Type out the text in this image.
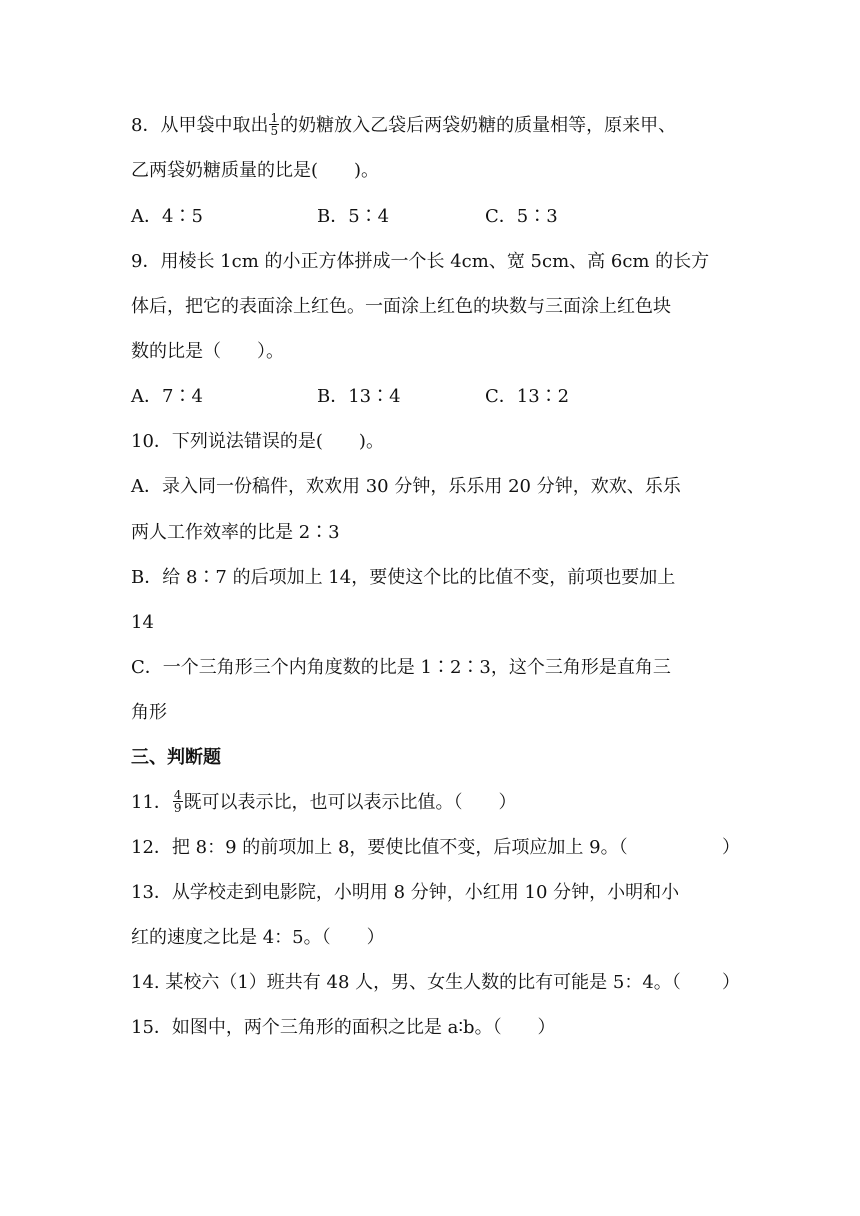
8．从甲袋中取出 $\frac{1}{5}$ 的奶糖放入乙袋后两袋奶糖的质量相等，原来甲、
乙两袋奶糖质量的比是(　　)。
A．4∶5	B．5∶4	C．5∶3
9．用棱长 1cm 的小正方体拼成一个长 4cm、宽 5cm、高 6cm 的长方
体后，把它的表面涂上红色。一面涂上红色的块数与三面涂上红色块
数的比是（　　）。
A．7∶4	B．13∶4	C．13∶2
10．下列说法错误的是(　　)。
A．录入同一份稿件，欢欢用 30 分钟，乐乐用 20 分钟，欢欢、乐乐
两人工作效率的比是 2∶3
B．给 8∶7 的后项加上 14，要使这个比的比值不变，前项也要加上
14
C．一个三角形三个内角度数的比是 1∶2∶3，这个三角形是直角三
角形
三、判断题
11． $\frac{4}{9}$ 既可以表示比，也可以表示比值。（　　）
12．把 8：9 的前项加上 8，要使比值不变，后项应加上 9。（	）
13．从学校走到电影院，小明用 8 分钟，小红用 10 分钟，小明和小
红的速度之比是 4：5。（　　）
14. 某校六（1）班共有 48 人，男、女生人数的比有可能是 5：4。（ ）
15．如图中，两个三角形的面积之比是 a∶b。（　　）
